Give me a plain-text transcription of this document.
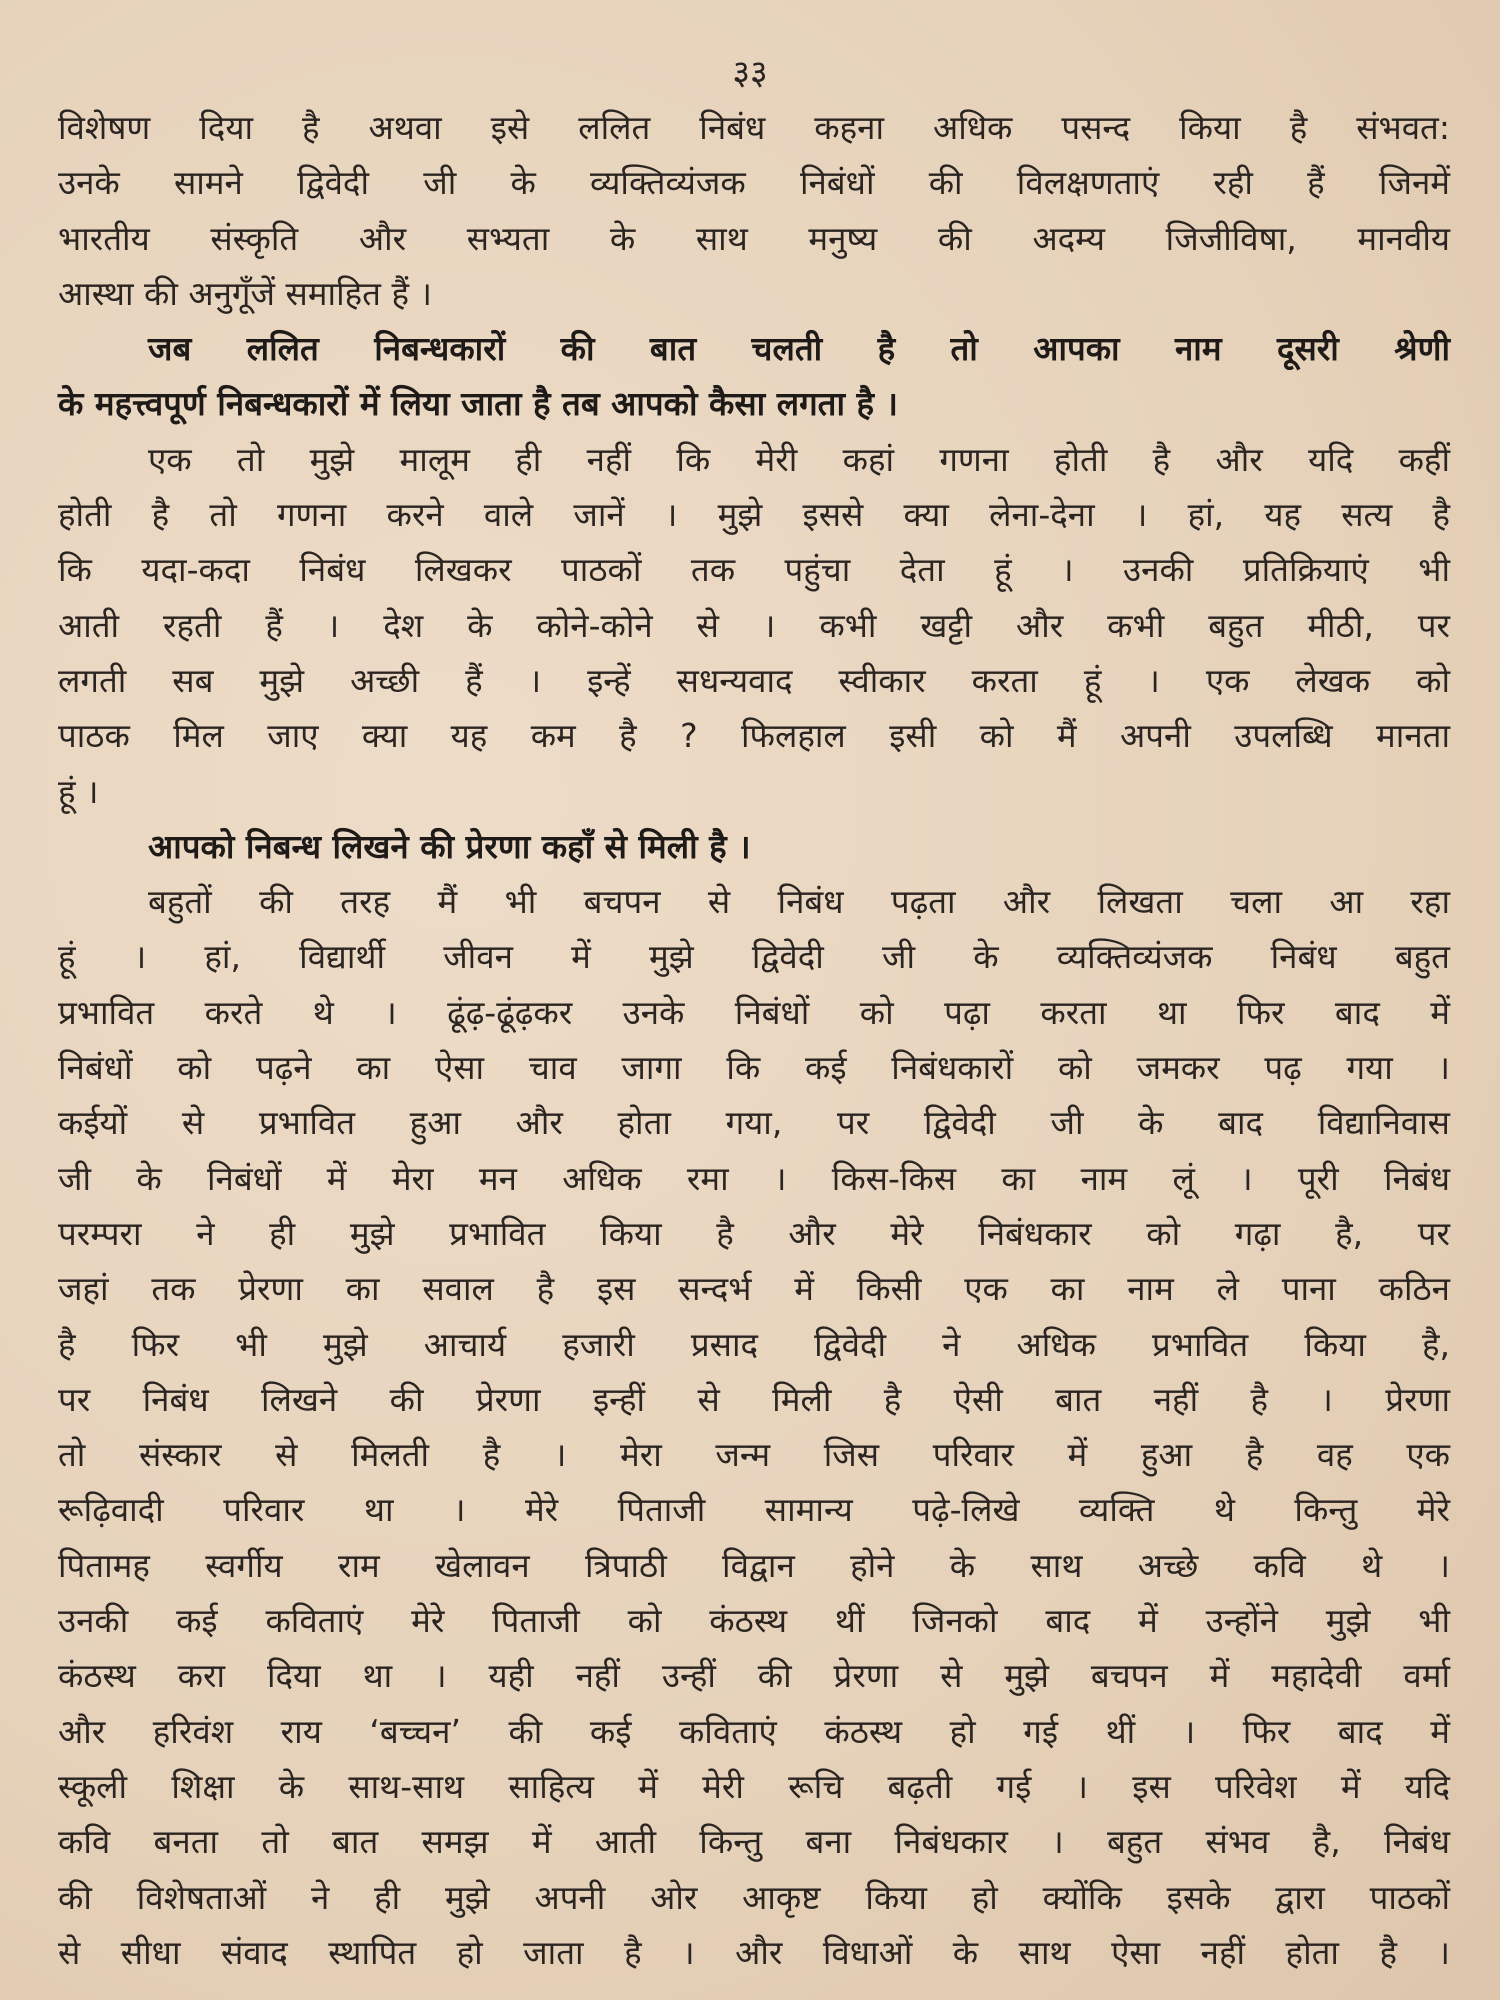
३३
विशेषण दिया है अथवा इसे ललित निबंध कहना अधिक पसन्द किया है संभवत:
उनके सामने द्विवेदी जी के व्यक्तिव्यंजक निबंधों की विलक्षणताएं रही हैं जिनमें
भारतीय संस्कृति और सभ्यता के साथ मनुष्य की अदम्य जिजीविषा, मानवीय
आस्था की अनुगूँजें समाहित हैं ।
जब ललित निबन्धकारों की बात चलती है तो आपका नाम दूसरी श्रेणी
के महत्त्वपूर्ण निबन्धकारों में लिया जाता है तब आपको कैसा लगता है ।
एक तो मुझे मालूम ही नहीं कि मेरी कहां गणना होती है और यदि कहीं
होती है तो गणना करने वाले जानें । मुझे इससे क्या लेना-देना । हां, यह सत्य है
कि यदा-कदा निबंध लिखकर पाठकों तक पहुंचा देता हूं । उनकी प्रतिक्रियाएं भी
आती रहती हैं । देश के कोने-कोने से । कभी खट्टी और कभी बहुत मीठी, पर
लगती सब मुझे अच्छी हैं । इन्हें सधन्यवाद स्वीकार करता हूं । एक लेखक को
पाठक मिल जाए क्या यह कम है ? फिलहाल इसी को मैं अपनी उपलब्धि मानता
हूं ।
आपको निबन्ध लिखने की प्रेरणा कहाँ से मिली है ।
बहुतों की तरह मैं भी बचपन से निबंध पढ़ता और लिखता चला आ रहा
हूं । हां, विद्यार्थी जीवन में मुझे द्विवेदी जी के व्यक्तिव्यंजक निबंध बहुत
प्रभावित करते थे । ढूंढ़-ढूंढ़कर उनके निबंधों को पढ़ा करता था फिर बाद में
निबंधों को पढ़ने का ऐसा चाव जागा कि कई निबंधकारों को जमकर पढ़ गया ।
कईयों से प्रभावित हुआ और होता गया, पर द्विवेदी जी के बाद विद्यानिवास
जी के निबंधों में मेरा मन अधिक रमा । किस-किस का नाम लूं । पूरी निबंध
परम्परा ने ही मुझे प्रभावित किया है और मेरे निबंधकार को गढ़ा है, पर
जहां तक प्रेरणा का सवाल है इस सन्दर्भ में किसी एक का नाम ले पाना कठिन
है फिर भी मुझे आचार्य हजारी प्रसाद द्विवेदी ने अधिक प्रभावित किया है,
पर निबंध लिखने की प्रेरणा इन्हीं से मिली है ऐसी बात नहीं है । प्रेरणा
तो संस्कार से मिलती है । मेरा जन्म जिस परिवार में हुआ है वह एक
रूढ़िवादी परिवार था । मेरे पिताजी सामान्य पढ़े-लिखे व्यक्ति थे किन्तु मेरे
पितामह स्वर्गीय राम खेलावन त्रिपाठी विद्वान होने के साथ अच्छे कवि थे ।
उनकी कई कविताएं मेरे पिताजी को कंठस्थ थीं जिनको बाद में उन्होंने मुझे भी
कंठस्थ करा दिया था । यही नहीं उन्हीं की प्रेरणा से मुझे बचपन में महादेवी वर्मा
और हरिवंश राय ‘बच्चन’ की कई कविताएं कंठस्थ हो गई थीं । फिर बाद में
स्कूली शिक्षा के साथ-साथ साहित्य में मेरी रूचि बढ़ती गई । इस परिवेश में यदि
कवि बनता तो बात समझ में आती किन्तु बना निबंधकार । बहुत संभव है, निबंध
की विशेषताओं ने ही मुझे अपनी ओर आकृष्ट किया हो क्योंकि इसके द्वारा पाठकों
से सीधा संवाद स्थापित हो जाता है । और विधाओं के साथ ऐसा नहीं होता है ।
